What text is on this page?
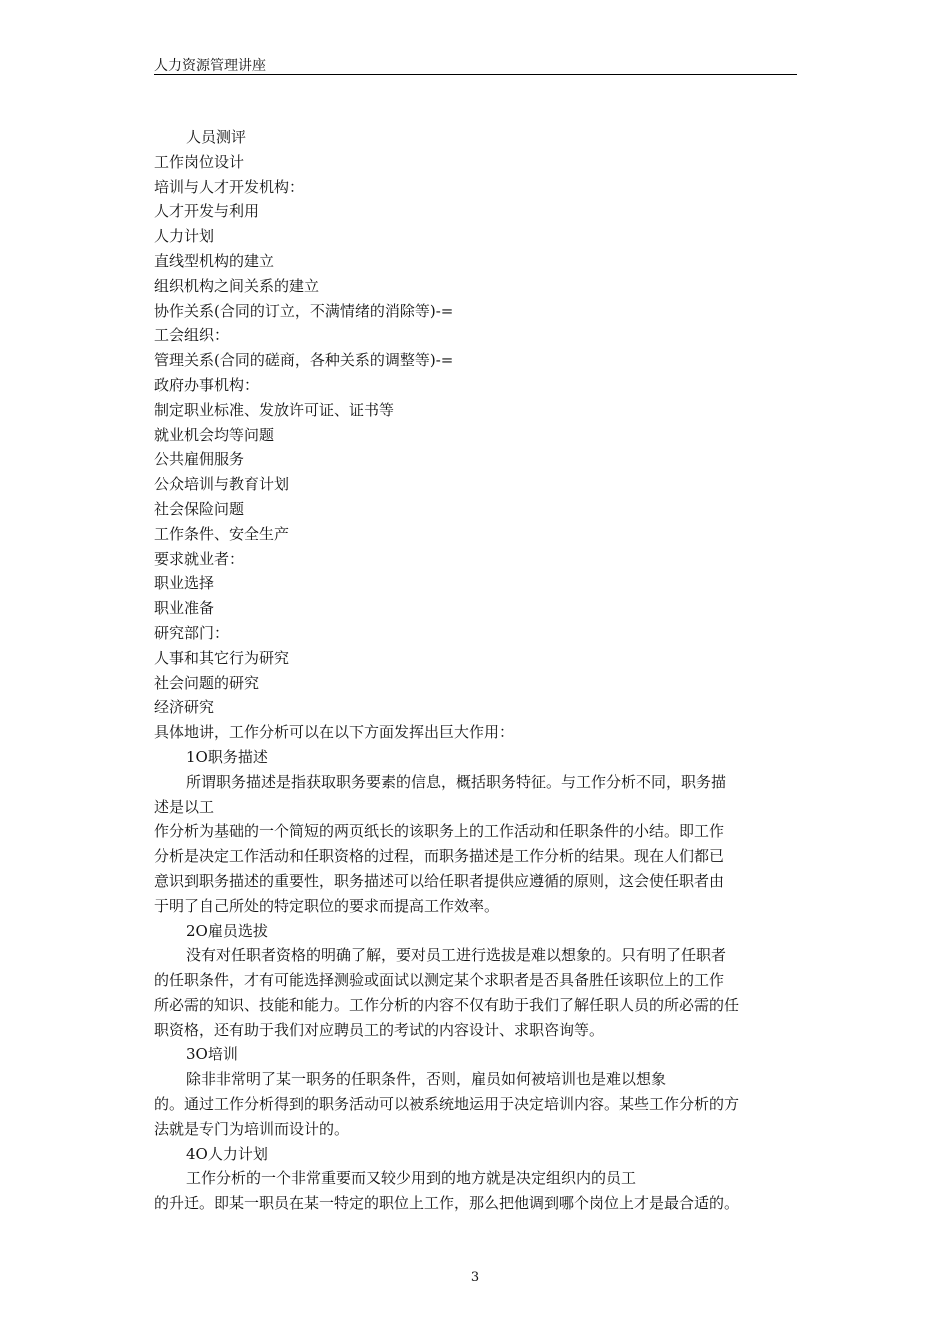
人力资源管理讲座
人员测评
工作岗位设计
培训与人才开发机构：
人才开发与利用
人力计划
直线型机构的建立
组织机构之间关系的建立
协作关系(合同的订立，不满情绪的消除等)-=
工会组织：
管理关系(合同的磋商，各种关系的调整等)-=
政府办事机构：
制定职业标准、发放许可证、证书等
就业机会均等问题
公共雇佣服务
公众培训与教育计划
社会保险问题
工作条件、安全生产
要求就业者：
职业选择
职业准备
研究部门：
人事和其它行为研究
社会问题的研究
经济研究
具体地讲，工作分析可以在以下方面发挥出巨大作用：
1O职务描述
所谓职务描述是指获取职务要素的信息，概括职务特征。与工作分析不同，职务描
述是以工
作分析为基础的一个简短的两页纸长的该职务上的工作活动和任职条件的小结。即工作
分析是决定工作活动和任职资格的过程，而职务描述是工作分析的结果。现在人们都已
意识到职务描述的重要性，职务描述可以给任职者提供应遵循的原则，这会使任职者由
于明了自己所处的特定职位的要求而提高工作效率。
2O雇员选拔
没有对任职者资格的明确了解，要对员工进行选拔是难以想象的。只有明了任职者
的任职条件，才有可能选择测验或面试以测定某个求职者是否具备胜任该职位上的工作
所必需的知识、技能和能力。工作分析的内容不仅有助于我们了解任职人员的所必需的任
职资格，还有助于我们对应聘员工的考试的内容设计、求职咨询等。
3O培训
除非非常明了某一职务的任职条件，否则，雇员如何被培训也是难以想象
的。通过工作分析得到的职务活动可以被系统地运用于决定培训内容。某些工作分析的方
法就是专门为培训而设计的。
4O人力计划
工作分析的一个非常重要而又较少用到的地方就是决定组织内的员工
的升迁。即某一职员在某一特定的职位上工作，那么把他调到哪个岗位上才是最合适的。
3
